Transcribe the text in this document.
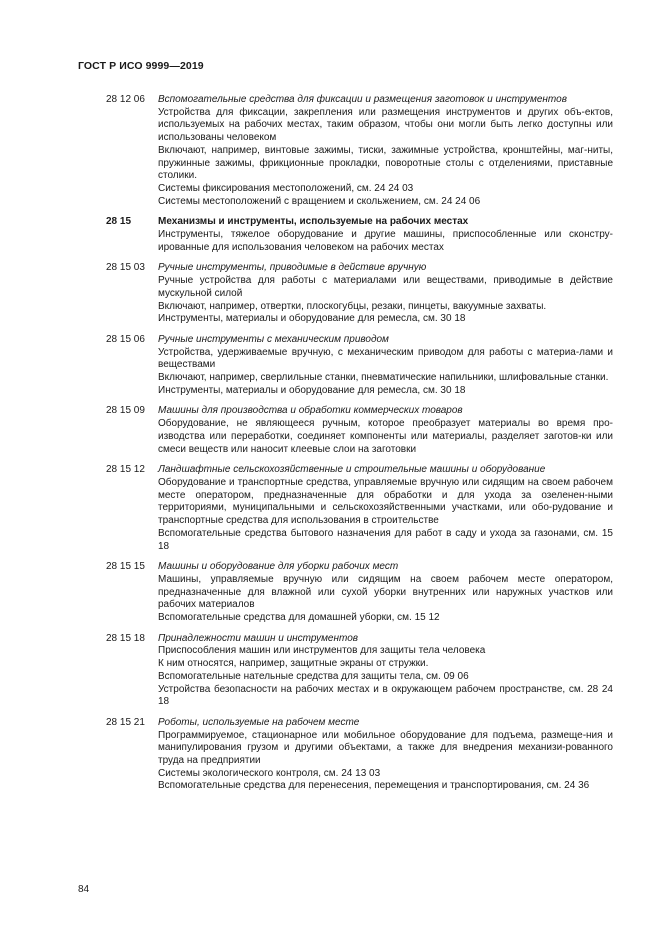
ГОСТ Р ИСО 9999—2019
28 12 06 Вспомогательные средства для фиксации и размещения заготовок и инструментов
Устройства для фиксации, закрепления или размещения инструментов и других объ-ектов, используемых на рабочих местах, таким образом, чтобы они могли быть легко доступны или использованы человеком
Включают, например, винтовые зажимы, тиски, зажимные устройства, кронштейны, маг-ниты, пружинные зажимы, фрикционные прокладки, поворотные столы с отделениями, приставные столики.
Системы фиксирования местоположений, см. 24 24 03
Системы местоположений с вращением и скольжением, см. 24 24 06
28 15	Механизмы и инструменты, используемые на рабочих местах
Инструменты, тяжелое оборудование и другие машины, приспособленные или сконстру-ированные для использования человеком на рабочих местах
28 15 03 Ручные инструменты, приводимые в действие вручную
Ручные устройства для работы с материалами или веществами, приводимые в действие мускульной силой
Включают, например, отвертки, плоскогубцы, резаки, пинцеты, вакуумные захваты.
Инструменты, материалы и оборудование для ремесла, см. 30 18
28 15 06 Ручные инструменты с механическим приводом
Устройства, удерживаемые вручную, с механическим приводом для работы с материа-лами и веществами
Включают, например, сверлильные станки, пневматические напильники, шлифовальные станки.
Инструменты, материалы и оборудование для ремесла, см. 30 18
28 15 09 Машины для производства и обработки коммерческих товаров
Оборудование, не являющееся ручным, которое преобразует материалы во время про-изводства или переработки, соединяет компоненты или материалы, разделяет заготов-ки или смеси веществ или наносит клеевые слои на заготовки
28 15 12 Ландшафтные сельскохозяйственные и строительные машины и оборудование
Оборудование и транспортные средства, управляемые вручную или сидящим на своем рабочем месте оператором, предназначенные для обработки и для ухода за озеленен-ными территориями, муниципальными и сельскохозяйственными участками, или обо-рудование и транспортные средства для использования в строительстве
Вспомогательные средства бытового назначения для работ в саду и ухода за газонами, см. 15 18
28 15 15 Машины и оборудование для уборки рабочих мест
Машины, управляемые вручную или сидящим на своем рабочем месте оператором, предназначенные для влажной или сухой уборки внутренних или наружных участков или рабочих материалов
Вспомогательные средства для домашней уборки, см. 15 12
28 15 18 Принадлежности машин и инструментов
Приспособления машин или инструментов для защиты тела человека
К ним относятся, например, защитные экраны от стружки.
Вспомогательные нательные средства для защиты тела, см. 09 06
Устройства безопасности на рабочих местах и в окружающем рабочем пространстве, см. 28 24 18
28 15 21 Роботы, используемые на рабочем месте
Программируемое, стационарное или мобильное оборудование для подъема, размеще-ния и манипулирования грузом и другими объектами, а также для внедрения механизи-рованного труда на предприятии
Системы экологического контроля, см. 24 13 03
Вспомогательные средства для перенесения, перемещения и транспортирования, см. 24 36
84
